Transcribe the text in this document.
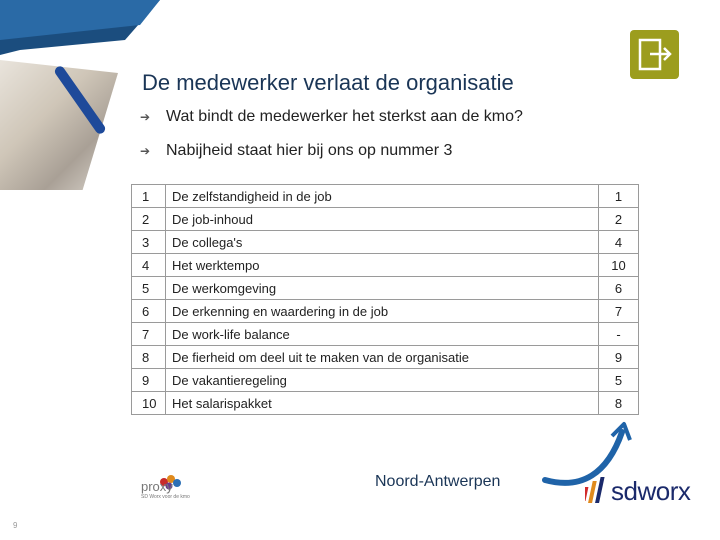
De medewerker verlaat de organisatie
➔ Wat bindt de medewerker het sterkst aan de kmo?
➔ Nabijheid staat hier bij ons op nummer 3
1	De zelfstandigheid in de job	1
2	De job-inhoud	2
3	De collega's	4
4	Het werktempo	10
5	De werkomgeving	6
6	De erkenning en waardering in de job	7
7	De work-life balance	-
8	De fierheid om deel uit te maken van de organisatie	9
9	De vakantieregeling	5
10	Het salarispakket	8
proxy
SD Worx voor de kmo
Noord-Antwerpen	sdworx
9
